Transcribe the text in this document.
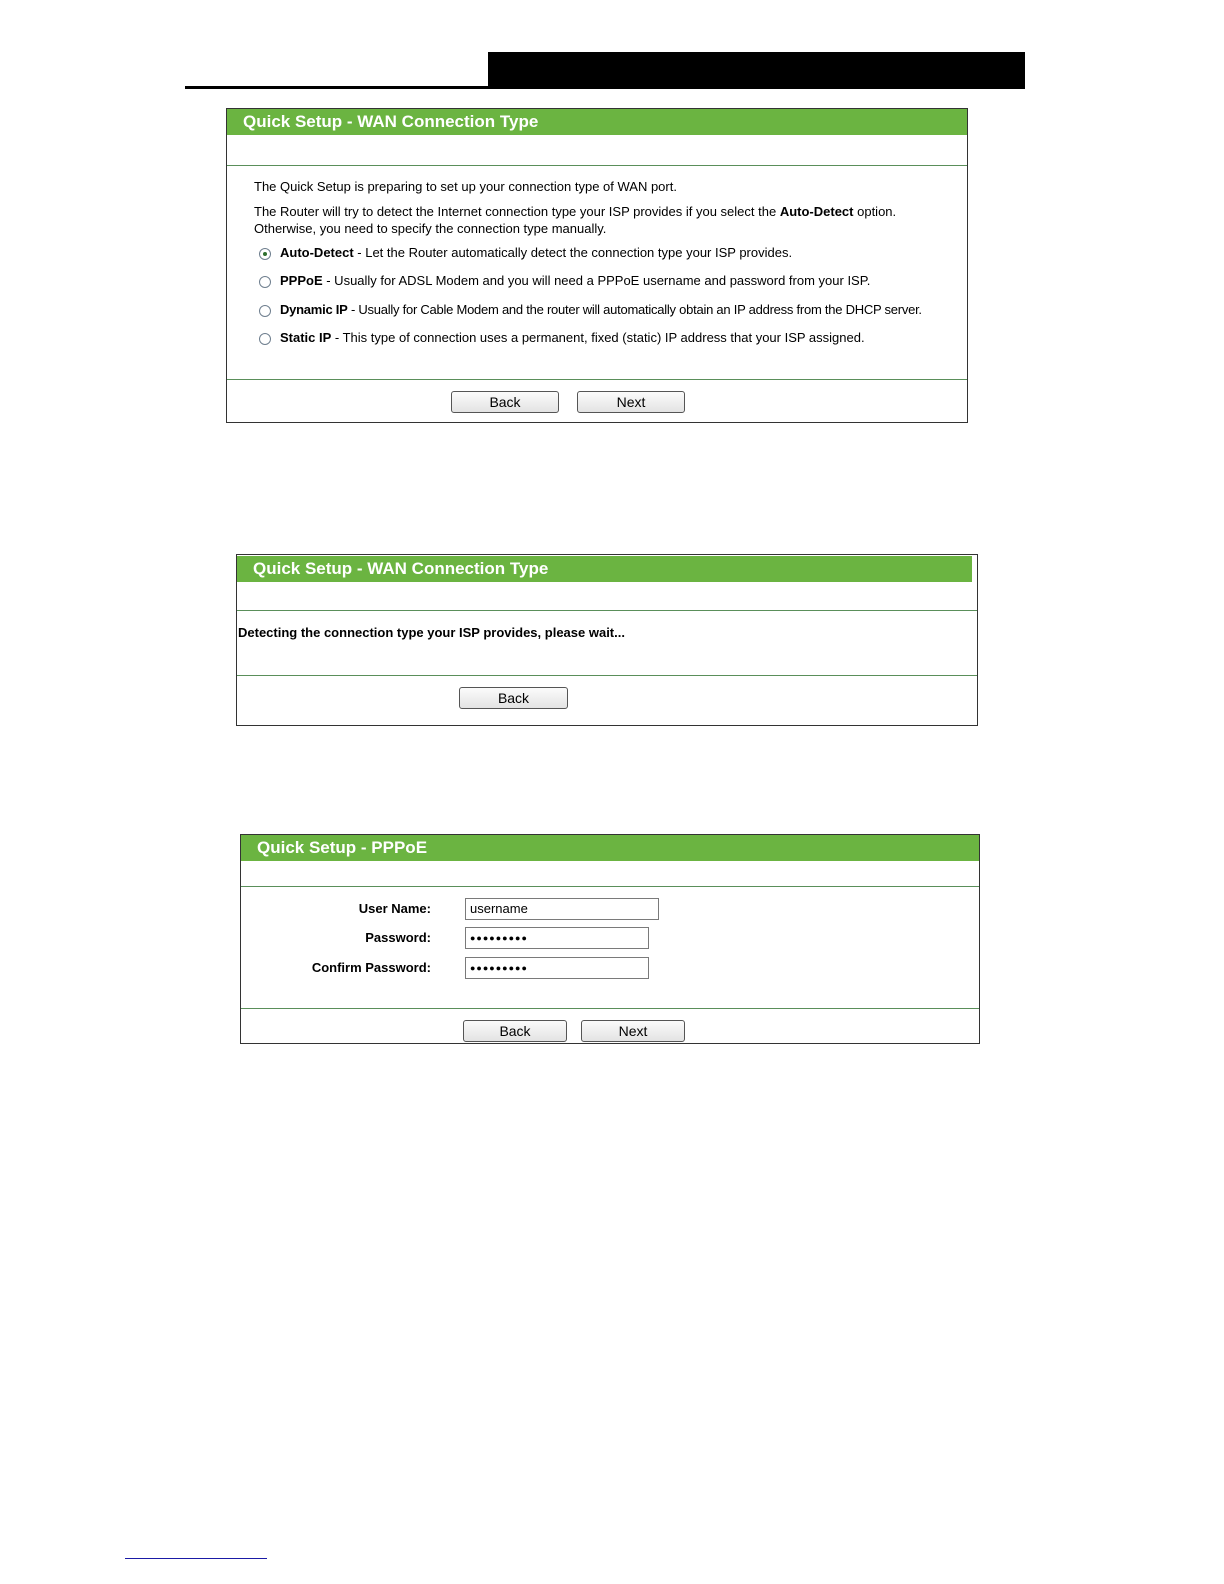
Quick Setup - WAN Connection Type
The Quick Setup is preparing to set up your connection type of WAN port.
The Router will try to detect the Internet connection type your ISP provides if you select the Auto-Detect option.
Otherwise, you need to specify the connection type manually.
Auto-Detect - Let the Router automatically detect the connection type your ISP provides.
PPPoE - Usually for ADSL Modem and you will need a PPPoE username and password from your ISP.
Dynamic IP - Usually for Cable Modem and the router will automatically obtain an IP address from the DHCP server.
Static IP - This type of connection uses a permanent, fixed (static) IP address that your ISP assigned.
Back	Next
Quick Setup - WAN Connection Type
Detecting the connection type your ISP provides, please wait...
Back
Quick Setup - PPPoE
User Name:	username
Password:	●●●●●●●●●
Confirm Password:	●●●●●●●●●
Back	Next
